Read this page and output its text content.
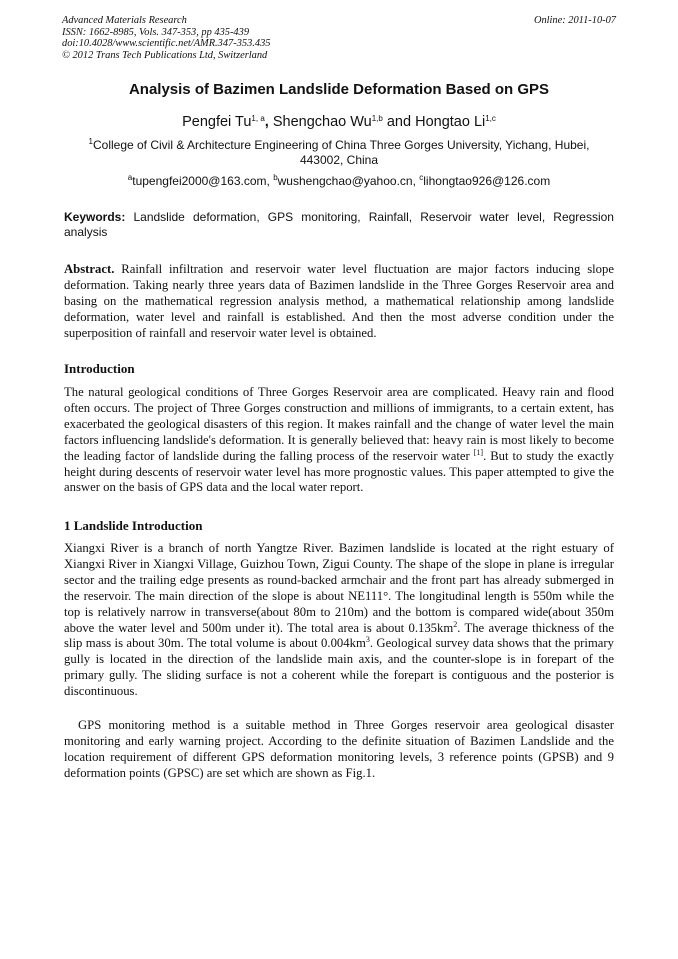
Advanced Materials Research	Online: 2011-10-07
ISSN: 1662-8985, Vols. 347-353, pp 435-439
doi:10.4028/www.scientific.net/AMR.347-353.435
© 2012 Trans Tech Publications Ltd, Switzerland
Analysis of Bazimen Landslide Deformation Based on GPS
Pengfei Tu$^{1, a}$, Shengchao Wu$^{1,b}$ and Hongtao Li$^{1,c}$
$^1$College of Civil & Architecture Engineering of China Three Gorges University, Yichang, Hubei, 443002, China
$^a$tupengfei2000@163.com, $^b$wushengchao@yahoo.cn, $^c$lihongtao926@126.com
Keywords: Landslide deformation, GPS monitoring, Rainfall, Reservoir water level, Regression analysis
Abstract. Rainfall infiltration and reservoir water level fluctuation are major factors inducing slope deformation. Taking nearly three years data of Bazimen landslide in the Three Gorges Reservoir area and basing on the mathematical regression analysis method, a mathematical relationship among landslide deformation, water level and rainfall is established. And then the most adverse condition under the superposition of rainfall and reservoir water level is obtained.
Introduction
The natural geological conditions of Three Gorges Reservoir area are complicated. Heavy rain and flood often occurs. The project of Three Gorges construction and millions of immigrants, to a certain extent, has exacerbated the geological disasters of this region. It makes rainfall and the change of water level the main factors influencing landslide's deformation. It is generally believed that: heavy rain is most likely to become the leading factor of landslide during the falling process of the reservoir water [1]. But to study the exactly height during descents of reservoir water level has more prognostic values. This paper attempted to give the answer on the basis of GPS data and the local water report.
1 Landslide Introduction
Xiangxi River is a branch of north Yangtze River. Bazimen landslide is located at the right estuary of Xiangxi River in Xiangxi Village, Guizhou Town, Zigui County. The shape of the slope in plane is irregular sector and the trailing edge presents as round-backed armchair and the front part has already submerged in the reservoir. The main direction of the slope is about NE111°. The longitudinal length is 550m while the top is relatively narrow in transverse(about 80m to 210m) and the bottom is compared wide(about 350m above the water level and 500m under it). The total area is about $0.135km^2$. The average thickness of the slip mass is about 30m. The total volume is about $0.004km^3$. Geological survey data shows that the primary gully is located in the direction of the landslide main axis, and the counter-slope is in forepart of the primary gully. The sliding surface is not a coherent while the forepart is contiguous and the posterior is discontinuous.
GPS monitoring method is a suitable method in Three Gorges reservoir area geological disaster monitoring and early warning project. According to the definite situation of Bazimen Landslide and the location requirement of different GPS deformation monitoring levels, 3 reference points (GPSB) and 9 deformation points (GPSC) are set which are shown as Fig.1.
